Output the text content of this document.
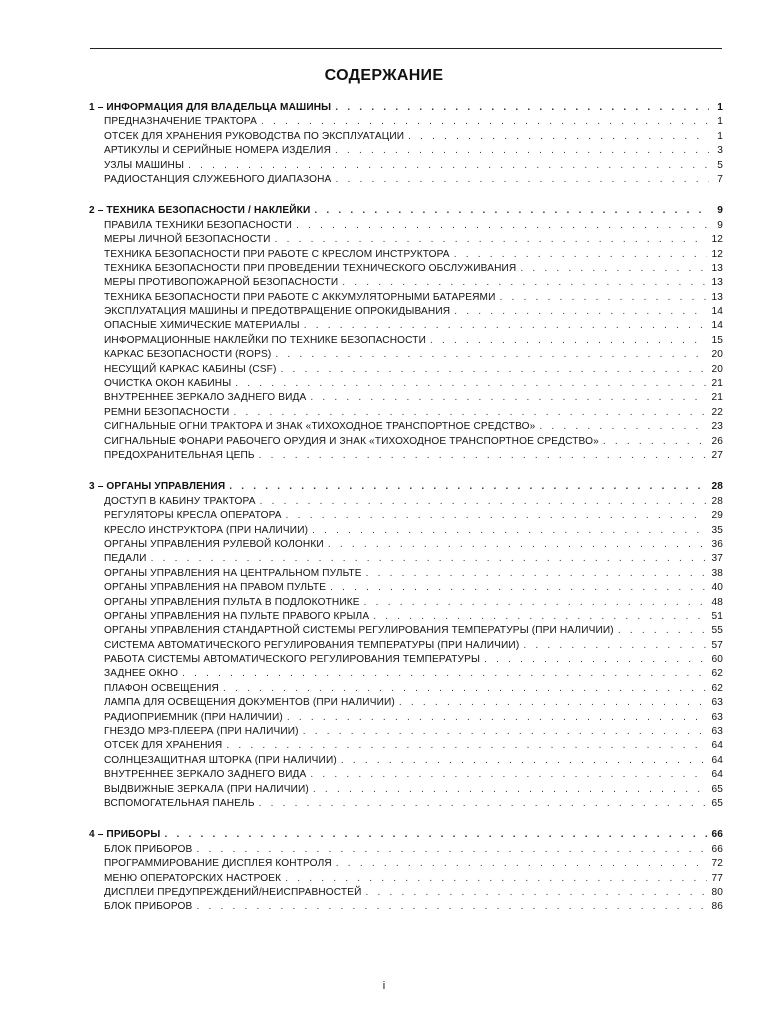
СОДЕРЖАНИЕ
1 – ИНФОРМАЦИЯ ДЛЯ ВЛАДЕЛЬЦА МАШИНЫ . . .	1
ПРЕДНАЗНАЧЕНИЕ ТРАКТОРА . . .	1
ОТСЕК ДЛЯ ХРАНЕНИЯ РУКОВОДСТВА ПО ЭКСПЛУАТАЦИИ . . .	1
АРТИКУЛЫ И СЕРИЙНЫЕ НОМЕРА ИЗДЕЛИЯ . . .	3
УЗЛЫ МАШИНЫ . . .	5
РАДИОСТАНЦИЯ СЛУЖЕБНОГО ДИАПАЗОНА . . .	7
2 – ТЕХНИКА БЕЗОПАСНОСТИ / НАКЛЕЙКИ . . .	9
ПРАВИЛА ТЕХНИКИ БЕЗОПАСНОСТИ . . .	9
МЕРЫ ЛИЧНОЙ БЕЗОПАСНОСТИ . . .	12
ТЕХНИКА БЕЗОПАСНОСТИ ПРИ РАБОТЕ С КРЕСЛОМ ИНСТРУКТОРА . . .	12
ТЕХНИКА БЕЗОПАСНОСТИ ПРИ ПРОВЕДЕНИИ ТЕХНИЧЕСКОГО ОБСЛУЖИВАНИЯ . . .	13
МЕРЫ ПРОТИВОПОЖАРНОЙ БЕЗОПАСНОСТИ . . .	13
ТЕХНИКА БЕЗОПАСНОСТИ ПРИ РАБОТЕ С АККУМУЛЯТОРНЫМИ БАТАРЕЯМИ . . .	13
ЭКСПЛУАТАЦИЯ МАШИНЫ И ПРЕДОТВРАЩЕНИЕ ОПРОКИДЫВАНИЯ . . .	14
ОПАСНЫЕ ХИМИЧЕСКИЕ МАТЕРИАЛЫ . . .	14
ИНФОРМАЦИОННЫЕ НАКЛЕЙКИ ПО ТЕХНИКЕ БЕЗОПАСНОСТИ . . .	15
КАРКАС БЕЗОПАСНОСТИ (ROPS) . . .	20
НЕСУЩИЙ КАРКАС КАБИНЫ (CSF) . . .	20
ОЧИСТКА ОКОН КАБИНЫ . . .	21
ВНУТРЕННЕЕ ЗЕРКАЛО ЗАДНЕГО ВИДА . . .	21
РЕМНИ БЕЗОПАСНОСТИ . . .	22
СИГНАЛЬНЫЕ ОГНИ ТРАКТОРА И ЗНАК «ТИХОХОДНОЕ ТРАНСПОРТНОЕ СРЕДСТВО» . . .	23
СИГНАЛЬНЫЕ ФОНАРИ РАБОЧЕГО ОРУДИЯ И ЗНАК «ТИХОХОДНОЕ ТРАНСПОРТНОЕ СРЕДСТВО» . . .	26
ПРЕДОХРАНИТЕЛЬНАЯ ЦЕПЬ . . .	27
3 – ОРГАНЫ УПРАВЛЕНИЯ . . .	28
ДОСТУП В КАБИНУ ТРАКТОРА . . .	28
РЕГУЛЯТОРЫ КРЕСЛА ОПЕРАТОРА . . .	29
КРЕСЛО ИНСТРУКТОРА (ПРИ НАЛИЧИИ) . . .	35
ОРГАНЫ УПРАВЛЕНИЯ РУЛЕВОЙ КОЛОНКИ . . .	36
ПЕДАЛИ . . .	37
ОРГАНЫ УПРАВЛЕНИЯ НА ЦЕНТРАЛЬНОМ ПУЛЬТЕ . . .	38
ОРГАНЫ УПРАВЛЕНИЯ НА ПРАВОМ ПУЛЬТЕ . . .	40
ОРГАНЫ УПРАВЛЕНИЯ ПУЛЬТА В ПОДЛОКОТНИКЕ . . .	48
ОРГАНЫ УПРАВЛЕНИЯ НА ПУЛЬТЕ ПРАВОГО КРЫЛА . . .	51
ОРГАНЫ УПРАВЛЕНИЯ СТАНДАРТНОЙ СИСТЕМЫ РЕГУЛИРОВАНИЯ ТЕМПЕРАТУРЫ (ПРИ НАЛИЧИИ) . . .	55
СИСТЕМА АВТОМАТИЧЕСКОГО РЕГУЛИРОВАНИЯ ТЕМПЕРАТУРЫ (ПРИ НАЛИЧИИ) . . .	57
РАБОТА СИСТЕМЫ АВТОМАТИЧЕСКОГО РЕГУЛИРОВАНИЯ ТЕМПЕРАТУРЫ . . .	60
ЗАДНЕЕ ОКНО . . .	62
ПЛАФОН ОСВЕЩЕНИЯ . . .	62
ЛАМПА ДЛЯ ОСВЕЩЕНИЯ ДОКУМЕНТОВ (ПРИ НАЛИЧИИ) . . .	63
РАДИОПРИЕМНИК (ПРИ НАЛИЧИИ) . . .	63
ГНЕЗДО MP3-ПЛЕЕРА (ПРИ НАЛИЧИИ) . . .	63
ОТСЕК ДЛЯ ХРАНЕНИЯ . . .	64
СОЛНЦЕЗАЩИТНАЯ ШТОРКА (ПРИ НАЛИЧИИ) . . .	64
ВНУТРЕННЕЕ ЗЕРКАЛО ЗАДНЕГО ВИДА . . .	64
ВЫДВИЖНЫЕ ЗЕРКАЛА (ПРИ НАЛИЧИИ) . . .	65
ВСПОМОГАТЕЛЬНАЯ ПАНЕЛЬ . . .	65
4 – ПРИБОРЫ . . .	66
БЛОК ПРИБОРОВ . . .	66
ПРОГРАММИРОВАНИЕ ДИСПЛЕЯ КОНТРОЛЯ . . .	72
МЕНЮ ОПЕРАТОРСКИХ НАСТРОЕК . . .	77
ДИСПЛЕИ ПРЕДУПРЕЖДЕНИЙ/НЕИСПРАВНОСТЕЙ . . .	80
БЛОК ПРИБОРОВ . . .	86
i
